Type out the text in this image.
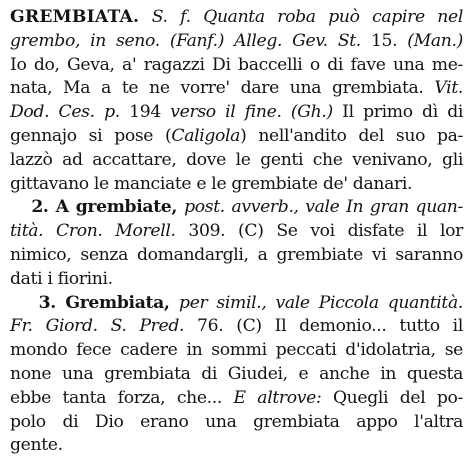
GREMBIATA. S. f. Quanta roba può capire nel
grembo, in seno. (Fanf.) Alleg. Gev. St. 15. (Man.)
Io do, Geva, a' ragazzi Di baccelli o di fave una me-
nata, Ma a te ne vorre' dare una grembiata. Vit.
Dod. Ces. p. 194 verso il fine. (Gh.) Il primo dì di
gennajo si pose (Caligola) nell'andito del suo pa-
lazzò ad accattare, dove le genti che venivano, gli
gittavano le manciate e le grembiate de' danari.
2. A grembiate, post. avverb., vale In gran quan-
tità. Cron. Morell. 309. (C) Se voi disfate il lor
nimico, senza domandargli, a grembiate vi saranno
dati i fiorini.
3. Grembiata, per simil., vale Piccola quantità.
Fr. Giord. S. Pred. 76. (C) Il demonio... tutto il
mondo fece cadere in sommi peccati d'idolatria, se
none una grembiata di Giudei, e anche in questa
ebbe tanta forza, che... E altrove: Quegli del po-
polo di Dio erano una grembiata appo l'altra
gente.
